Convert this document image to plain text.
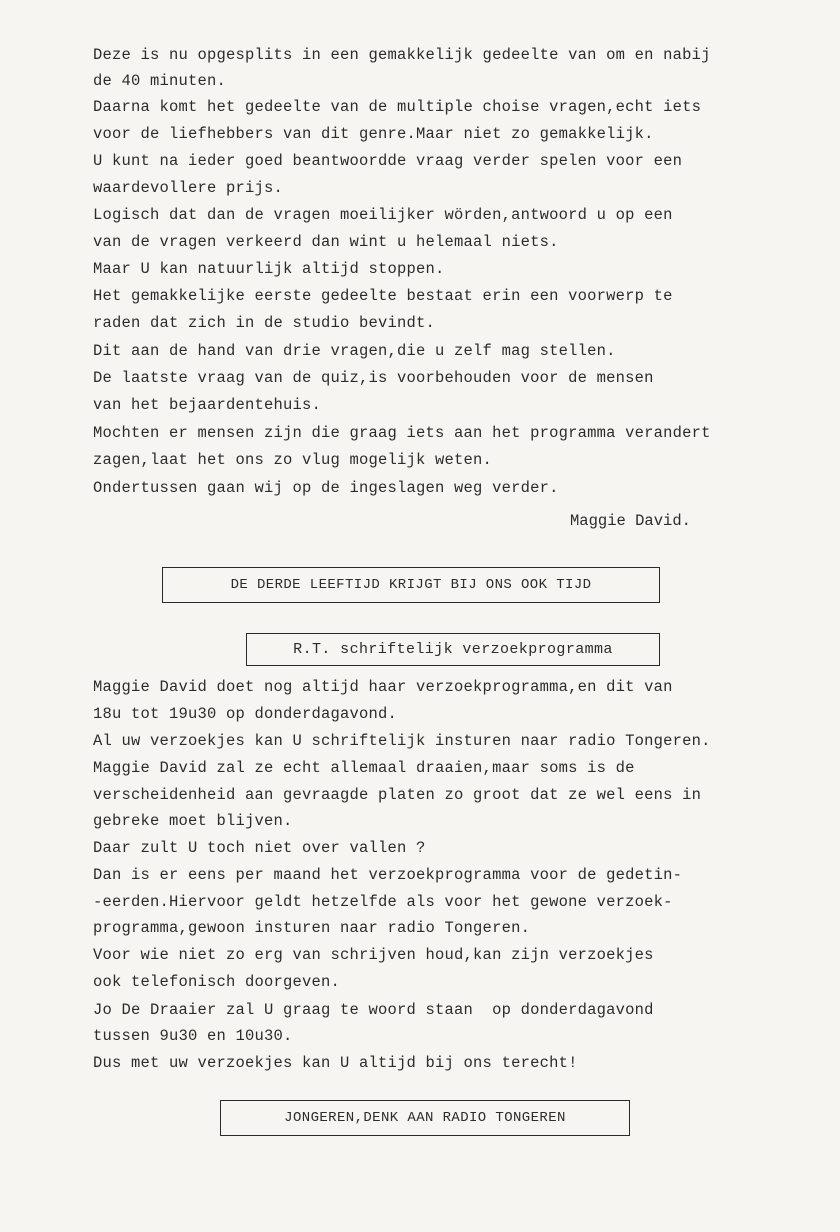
Deze is nu opgesplits in een gemakkelijk gedeelte van om en nabij
de 40 minuten.
Daarna komt het gedeelte van de multiple choise vragen,echt iets
voor de liefhebbers van dit genre.Maar niet zo gemakkelijk.
U kunt na ieder goed beantwoordde vraag verder spelen voor een
waardevollere prijs.
Logisch dat dan de vragen moeilijker wörden,antwoord u op een
van de vragen verkeerd dan wint u helemaal niets.
Maar U kan natuurlijk altijd stoppen.
Het gemakkelijke eerste gedeelte bestaat erin een voorwerp te
raden dat zich in de studio bevindt.
Dit aan de hand van drie vragen,die u zelf mag stellen.
De laatste vraag van de quiz,is voorbehouden voor de mensen
van het bejaardentehuis.
Mochten er mensen zijn die graag iets aan het programma verandert
zagen,laat het ons zo vlug mogelijk weten.
Ondertussen gaan wij op de ingeslagen weg verder.
Maggie David.
DE DERDE LEEFTIJD KRIJGT BIJ ONS OOK TIJD
R.T. schriftelijk verzoekprogramma
Maggie David doet nog altijd haar verzoekprogramma,en dit van
18u tot 19u30 op donderdagavond.
Al uw verzoekjes kan U schriftelijk insturen naar radio Tongeren.
Maggie David zal ze echt allemaal draaien,maar soms is de
verscheidenheid aan gevraagde platen zo groot dat ze wel eens in
gebreke moet blijven.
Daar zult U toch niet over vallen ?
Dan is er eens per maand het verzoekprogramma voor de gedetin-
-eerden.Hiervoor geldt hetzelfde als voor het gewone verzoek-
programma,gewoon insturen naar radio Tongeren.
Voor wie niet zo erg van schrijven houd,kan zijn verzoekjes
ook telefonisch doorgeven.
Jo De Draaier zal U graag te woord staan  op donderdagavond
tussen 9u30 en 10u30.
Dus met uw verzoekjes kan U altijd bij ons terecht!
JONGEREN,DENK AAN RADIO TONGEREN
